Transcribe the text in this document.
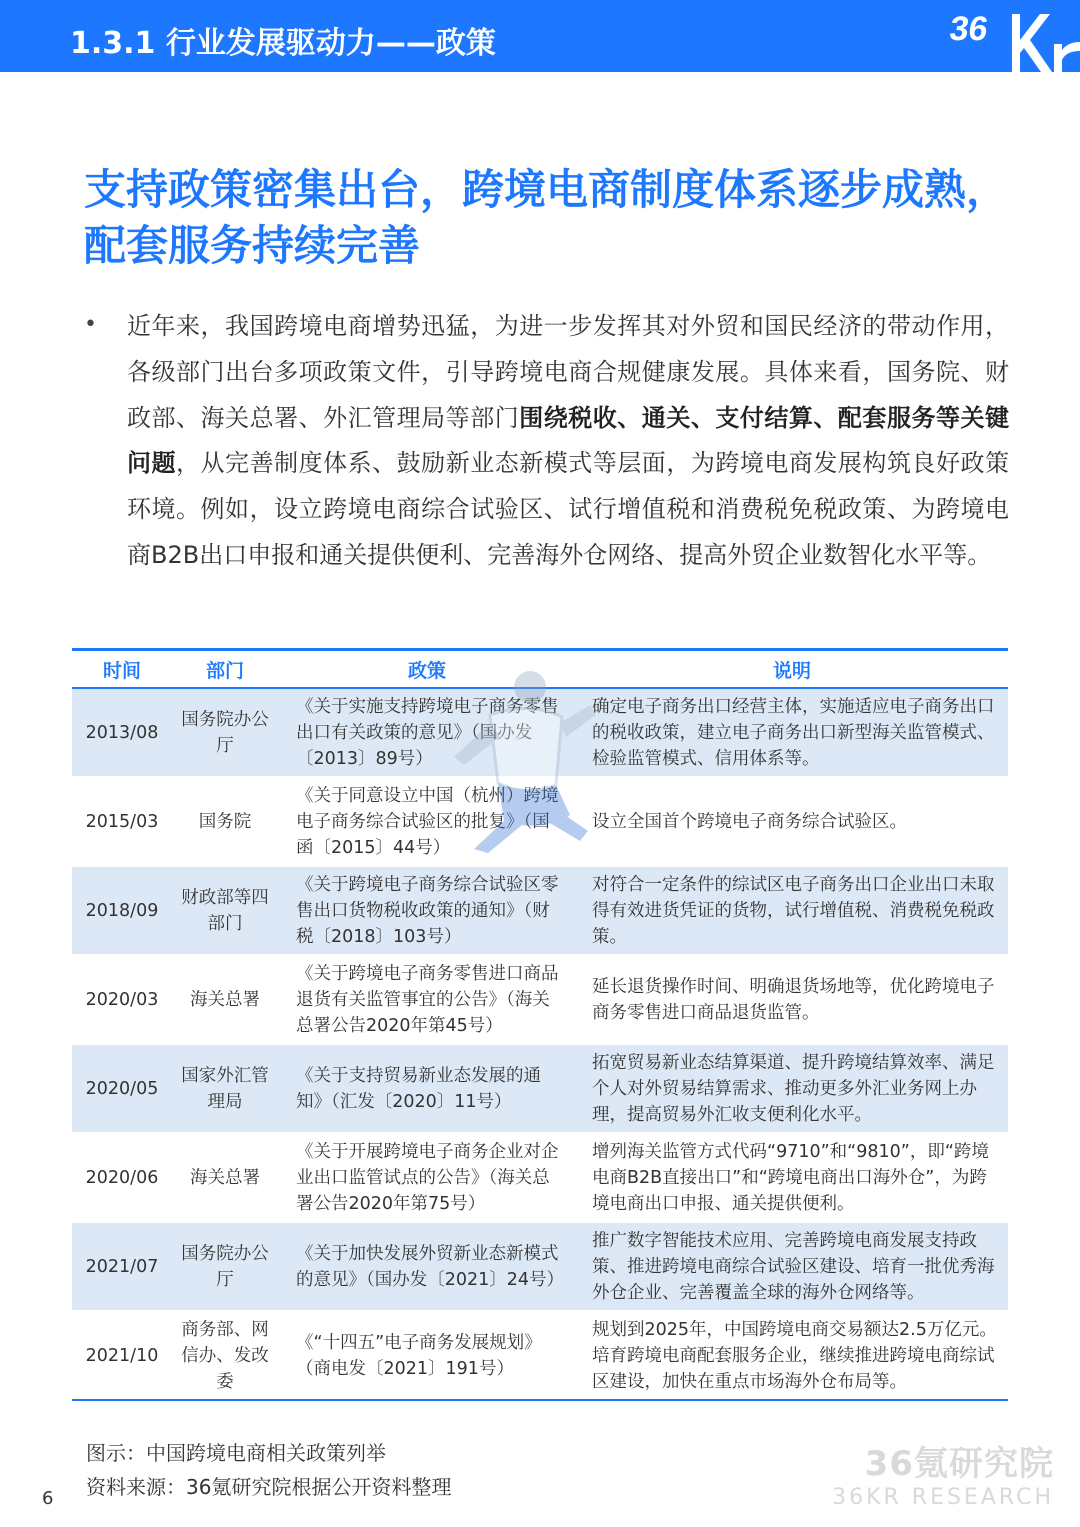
1.3.1 行业发展驱动力——政策	36
支持政策密集出台，跨境电商制度体系逐步成熟，配套服务持续完善
• 近年来，我国跨境电商增势迅猛，为进一步发挥其对外贸和国民经济的带动作用，各级部门出台多项政策文件，引导跨境电商合规健康发展。具体来看，国务院、财政部、海关总署、外汇管理局等部门围绕税收、通关、支付结算、配套服务等关键问题，从完善制度体系、鼓励新业态新模式等层面，为跨境电商发展构筑良好政策环境。例如，设立跨境电商综合试验区、试行增值税和消费税免税政策、为跨境电商B2B出口申报和通关提供便利、完善海外仓网络、提高外贸企业数智化水平等。
时间	部门	政策	说明
2013/08	国务院办公厅	《关于实施支持跨境电子商务零售出口有关政策的意见》（国办发〔2013〕89号）	确定电子商务出口经营主体，实施适应电子商务出口的税收政策，建立电子商务出口新型海关监管模式、检验监管模式、信用体系等。
2015/03	国务院	《关于同意设立中国（杭州）跨境电子商务综合试验区的批复》（国函〔2015〕44号）	设立全国首个跨境电子商务综合试验区。
2018/09	财政部等四部门	《关于跨境电子商务综合试验区零售出口货物税收政策的通知》（财税〔2018〕103号）	对符合一定条件的综试区电子商务出口企业出口未取得有效进货凭证的货物，试行增值税、消费税免税政策。
2020/03	海关总署	《关于跨境电子商务零售进口商品退货有关监管事宜的公告》（海关总署公告2020年第45号）	延长退货操作时间、明确退货场地等，优化跨境电子商务零售进口商品退货监管。
2020/05	国家外汇管理局	《关于支持贸易新业态发展的通知》（汇发〔2020〕11号）	拓宽贸易新业态结算渠道、提升跨境结算效率、满足个人对外贸易结算需求、推动更多外汇业务网上办理，提高贸易外汇收支便利化水平。
2020/06	海关总署	《关于开展跨境电子商务企业对企业出口监管试点的公告》（海关总署公告2020年第75号）	增列海关监管方式代码“9710”和“9810”，即“跨境电商B2B直接出口”和“跨境电商出口海外仓”，为跨境电商出口申报、通关提供便利。
2021/07	国务院办公厅	《关于加快发展外贸新业态新模式的意见》（国办发〔2021〕24号）	推广数字智能技术应用、完善跨境电商发展支持政策、推进跨境电商综合试验区建设、培育一批优秀海外仓企业、完善覆盖全球的海外仓网络等。
2021/10	商务部、网信办、发改委	《“十四五”电子商务发展规划》（商电发〔2021〕191号）	规划到2025年，中国跨境电商交易额达2.5万亿元。培育跨境电商配套服务企业，继续推进跨境电商综试区建设，加快在重点市场海外仓布局等。
图示：中国跨境电商相关政策列举
资料来源：36氪研究院根据公开资料整理
6
36氪研究院
36KR RESEARCH
